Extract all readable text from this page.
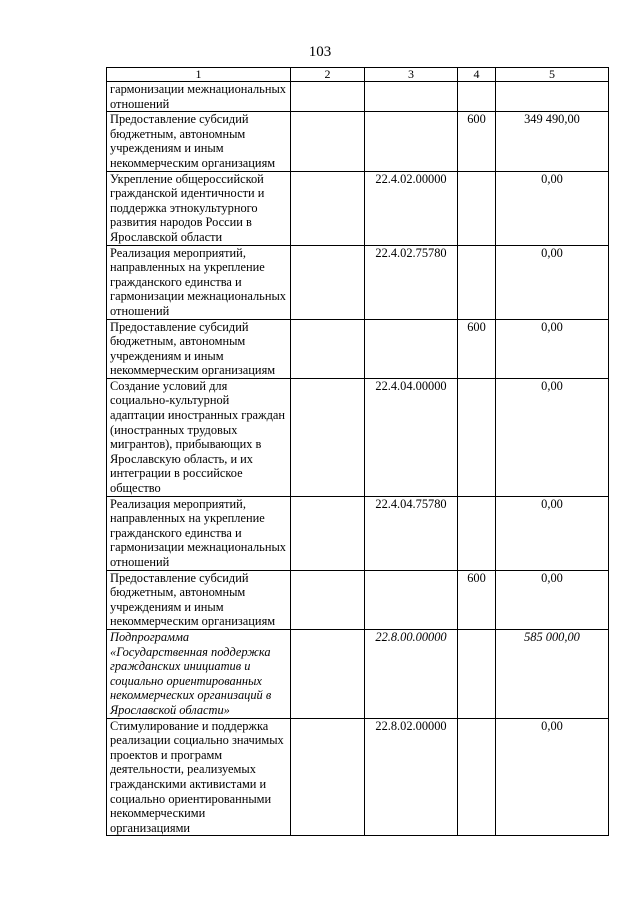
103
1	2	3	4	5
гармонизации межнациональных отношений				
Предоставление субсидий бюджетным, автономным учреждениям и иным некоммерческим организациям			600	349 490,00
Укрепление общероссийской гражданской идентичности и поддержка этнокультурного развития народов России в Ярославской области		22.4.02.00000		0,00
Реализация мероприятий, направленных на укрепление гражданского единства и гармонизации межнациональных отношений		22.4.02.75780		0,00
Предоставление субсидий бюджетным, автономным учреждениям и иным некоммерческим организациям			600	0,00
Создание условий для социально-культурной адаптации иностранных граждан (иностранных трудовых мигрантов), прибывающих в Ярославскую область, и их интеграции в российское общество		22.4.04.00000		0,00
Реализация мероприятий, направленных на укрепление гражданского единства и гармонизации межнациональных отношений		22.4.04.75780		0,00
Предоставление субсидий бюджетным, автономным учреждениям и иным некоммерческим организациям			600	0,00
Подпрограмма «Государственная поддержка гражданских инициатив и социально ориентированных некоммерческих организаций в Ярославской области»		22.8.00.00000		585 000,00
Стимулирование и поддержка реализации социально значимых проектов и программ деятельности, реализуемых гражданскими активистами и социально ориентированными некоммерческими организациями		22.8.02.00000		0,00
